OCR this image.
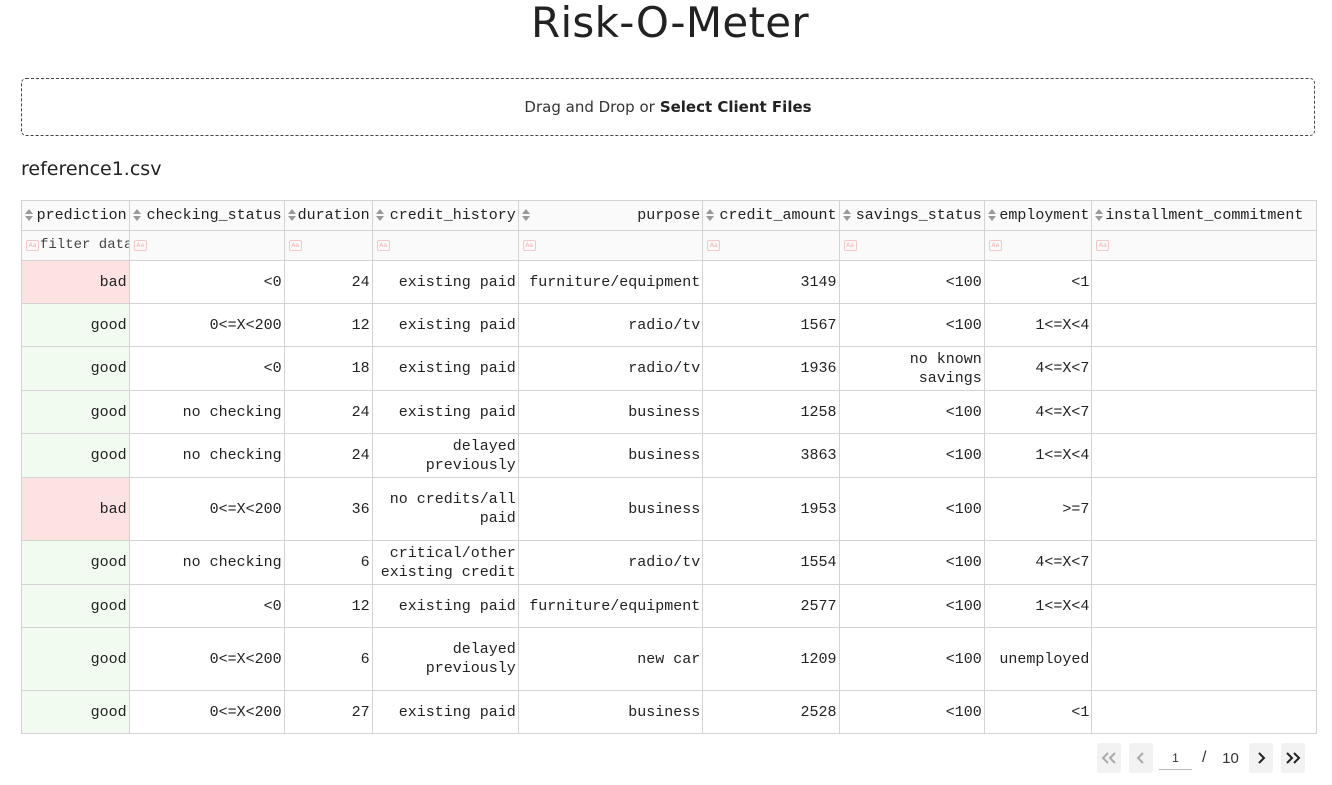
Risk-O-Meter
Drag and Drop or Select Client Files
reference1.csv
prediction	checking_status	duration	credit_history	purpose	credit_amount	savings_status	employment	installment_commitment

Aa
filter data...	Aa	Aa	Aa	Aa	Aa	Aa	Aa	Aa

bad	<0	24	existing paid	furniture/equipment	3149	<100	<1	
good	0<=X<200	12	existing paid	radio/tv	1567	<100	1<=X<4	
good	<0	18	existing paid	radio/tv	1936	no known savings	4<=X<7	
good	no checking	24	existing paid	business	1258	<100	4<=X<7	
good	no checking	24	delayed previously	business	3863	<100	1<=X<4	
bad	0<=X<200	36	no credits/all paid	business	1953	<100	>=7	
good	no checking	6	critical/other existing credit	radio/tv	1554	<100	4<=X<7	
good	<0	12	existing paid	furniture/equipment	2577	<100	1<=X<4	
good	0<=X<200	6	delayed previously	new car	1209	<100	unemployed	
good	0<=X<200	27	existing paid	business	2528	<100	<1	
1
/ 10
